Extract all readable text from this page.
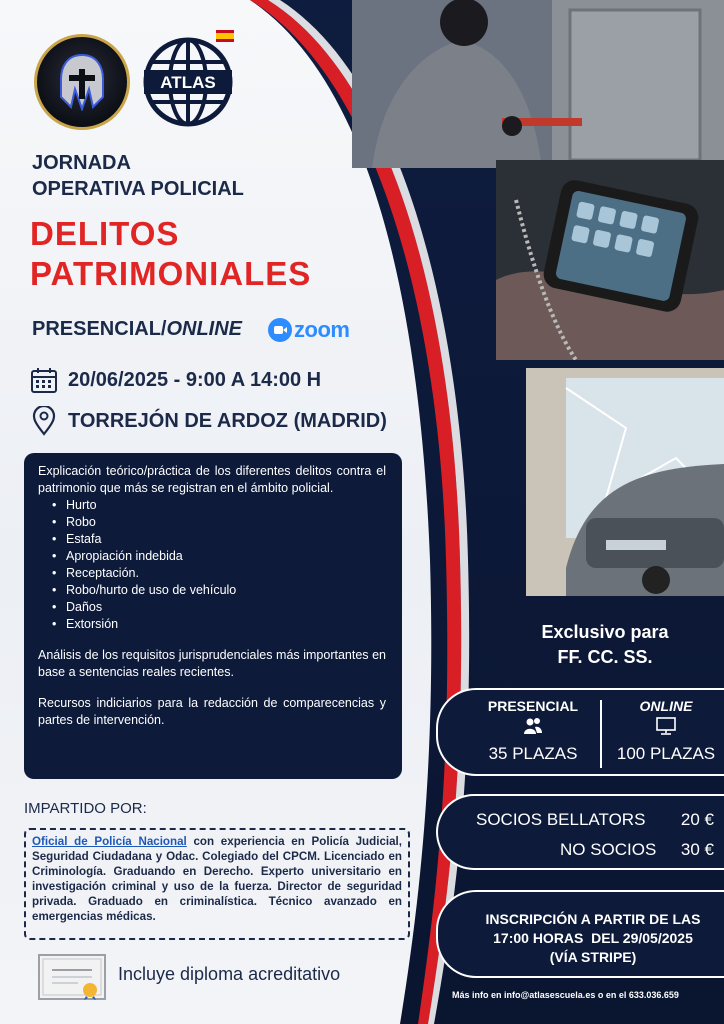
ATLAS
JORNADA
OPERATIVA POLICIAL
DELITOS
PATRIMONIALES
PRESENCIAL/ONLINE zoom
20/06/2025 - 9:00 A 14:00 H
TORREJÓN DE ARDOZ (MADRID)

Explicación teórico/práctica de los diferentes delitos contra el patrimonio que más se registran en el ámbito policial.

• Hurto
• Robo
• Estafa
• Apropiación indebida
• Receptación.
• Robo/hurto de uso de vehículo
• Daños
• Extorsión

Análisis de los requisitos jurisprudenciales más importantes en base a sentencias reales recientes.

Recursos indiciarios para la redacción de comparecencias y partes de intervención.

IMPARTIDO POR:
Oficial de Policía Nacional con experiencia en Policía Judicial, Seguridad Ciudadana y Odac. Colegiado del CPCM. Licenciado en Criminología. Graduando en Derecho. Experto universitario en investigación criminal y uso de la fuerza. Director de seguridad privada. Graduado en criminalística. Técnico avanzado en emergencias médicas.
Incluye diploma acreditativo
Exclusivo para
FF. CC. SS.
PRESENCIAL
35 PLAZAS
ONLINE
100 PLAZAS
SOCIOS BELLATORS	20 €
NO SOCIOS	30 €
INSCRIPCIÓN A PARTIR DE LAS
17:00 HORAS  DEL 29/05/2025
(VÍA STRIPE)
Más info en info@atlasescuela.es o en el 633.036.659
